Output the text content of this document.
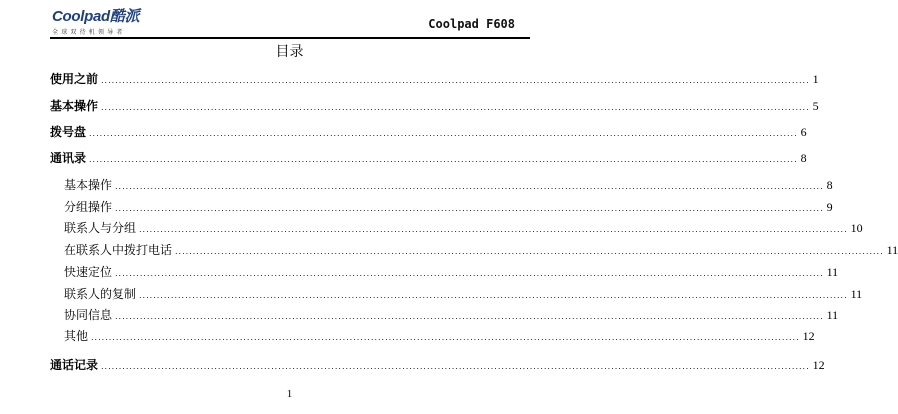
Coolpad酷派
全球双待机领导者
Coolpad F608
目录
使用之前 ........................................................................................................................................................................................................ 1
基本操作 ........................................................................................................................................................................................................ 5
拨号盘 ........................................................................................................................................................................................................ 6
通讯录 ........................................................................................................................................................................................................ 8
基本操作 ........................................................................................................................................................................................................ 8
分组操作 ........................................................................................................................................................................................................ 9
联系人与分组 ........................................................................................................................................................................................................ 10
在联系人中拨打电话 ........................................................................................................................................................................................................ 11
快速定位 ........................................................................................................................................................................................................ 11
联系人的复制 ........................................................................................................................................................................................................ 11
协同信息 ........................................................................................................................................................................................................ 11
其他 ........................................................................................................................................................................................................ 12
通话记录 ........................................................................................................................................................................................................ 12
1
